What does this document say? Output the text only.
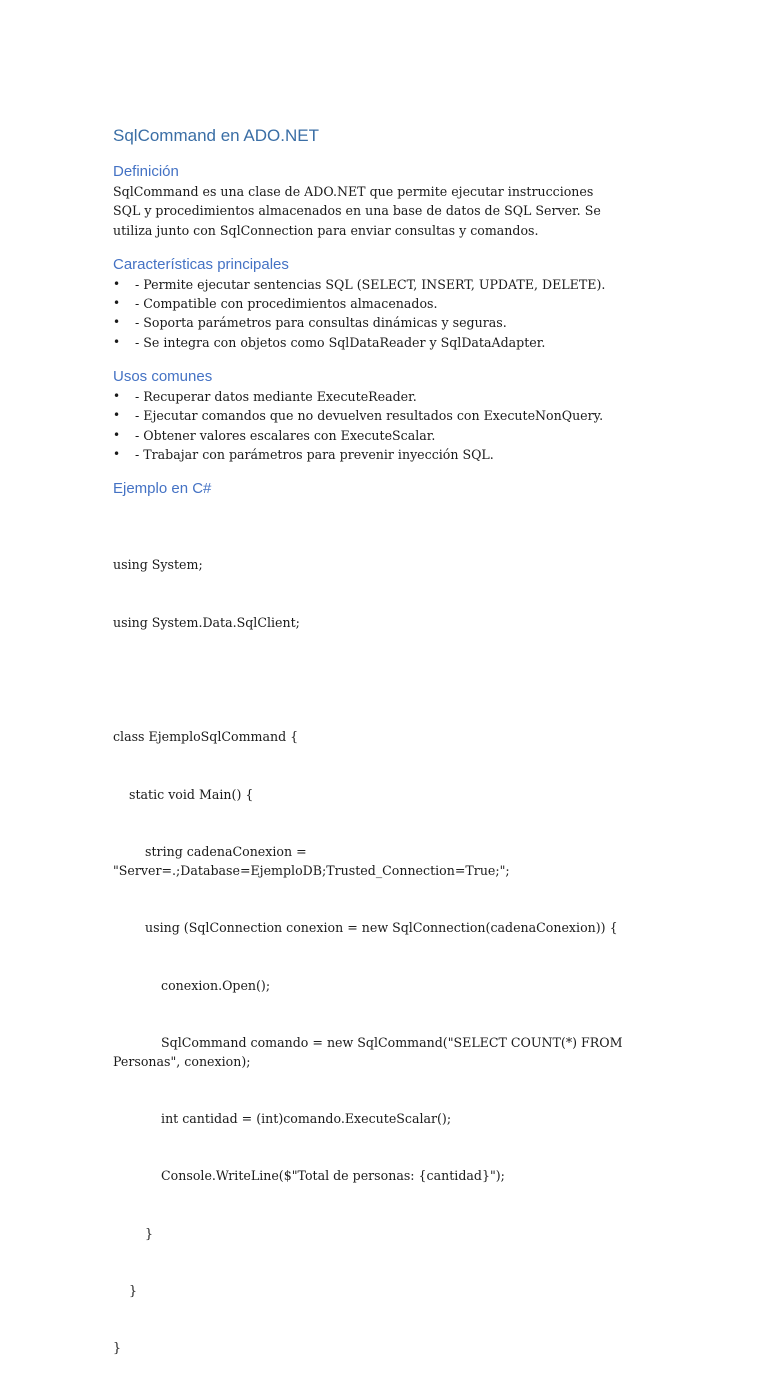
SqlCommand en ADO.NET
Definición

SqlCommand es una clase de ADO.NET que permite ejecutar instrucciones SQL y procedimientos almacenados en una base de datos de SQL Server. Se utiliza junto con SqlConnection para enviar consultas y comandos.

Características principales
• - Permite ejecutar sentencias SQL (SELECT, INSERT, UPDATE, DELETE).
• - Compatible con procedimientos almacenados.
• - Soporta parámetros para consultas dinámicas y seguras.
• - Se integra con objetos como SqlDataReader y SqlDataAdapter.
Usos comunes
• - Recuperar datos mediante ExecuteReader.
• - Ejecutar comandos que no devuelven resultados con ExecuteNonQuery.
• - Obtener valores escalares con ExecuteScalar.
• - Trabajar con parámetros para prevenir inyección SQL.
Ejemplo en C#

using System;

using System.Data.SqlClient;

class EjemploSqlCommand {

static void Main() {

string cadenaConexion = "Server=.;Database=EjemploDB;Trusted_Connection=True;";

using (SqlConnection conexion = new SqlConnection(cadenaConexion)) {

conexion.Open();

SqlCommand comando = new SqlCommand("SELECT COUNT(*) FROM Personas", conexion);

int cantidad = (int)comando.ExecuteScalar();

Console.WriteLine($"Total de personas: {cantidad}");

}

}

}
